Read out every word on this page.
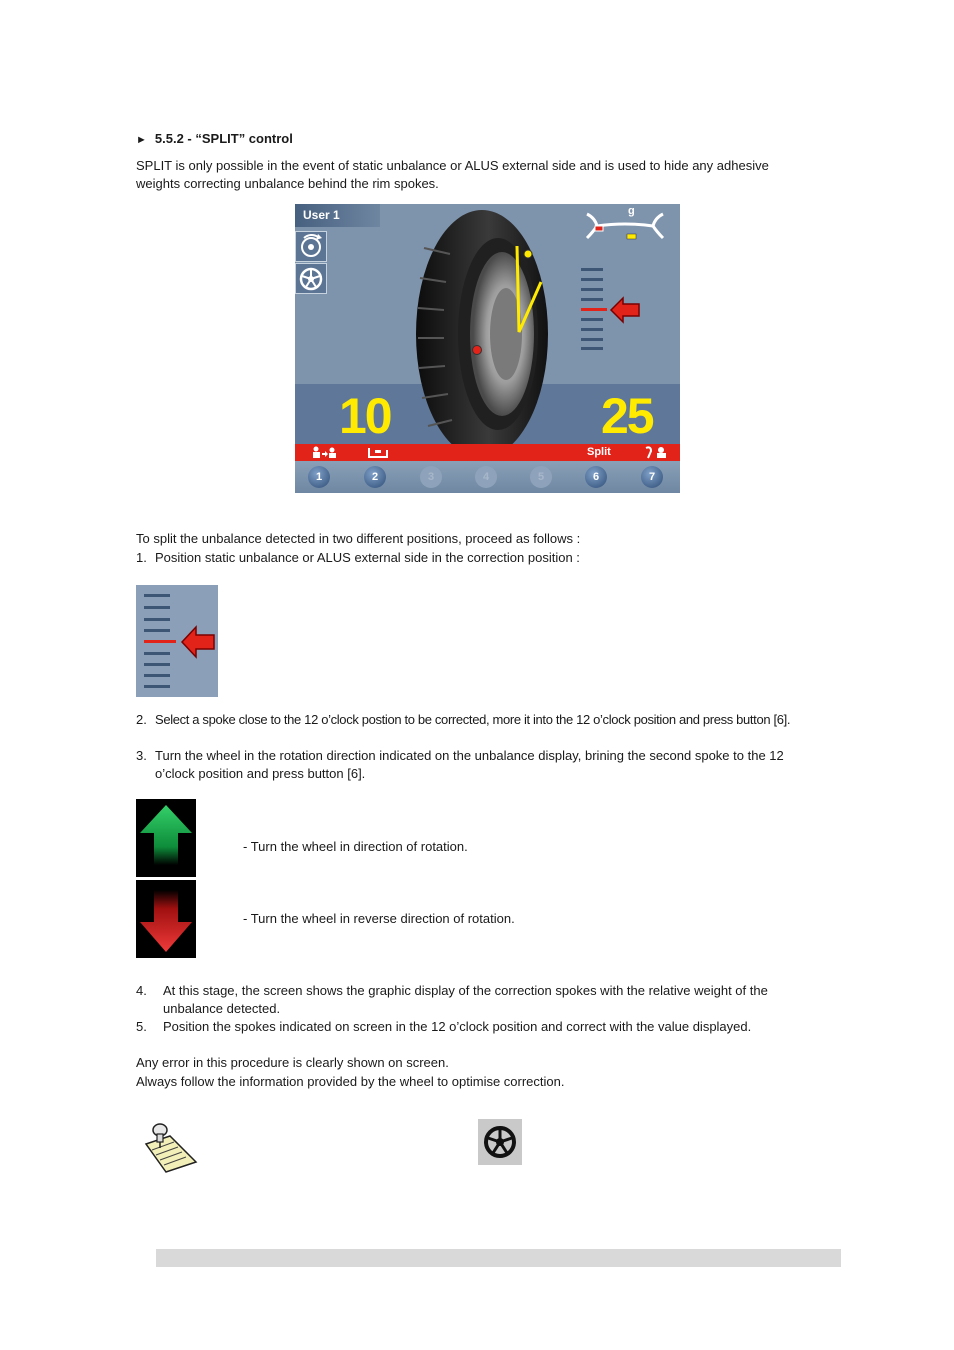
► 5.5.2 - “SPLIT” control
SPLIT is only possible in the event of static unbalance or ALUS external side and is used to hide any adhesive weights correcting unbalance behind the rim spokes.
User 1	g
10	25
Split
1	2	3	4	5	6	7
To split the unbalance detected in two different positions, proceed as follows :
1. Position static unbalance or ALUS external side in the correction position :
2. Select a spoke close to the 12 o’clock postion to be corrected, more it into the 12 o’clock position and press button [6].
3. Turn the wheel in the rotation direction indicated on the unbalance display, brining the second spoke to the 12 o’clock position and press button [6].
- Turn the wheel in direction of rotation.
- Turn the wheel in reverse direction of rotation.
4. At this stage, the screen shows the graphic display of the correction spokes with the relative weight of the unbalance detected.
5. Position the spokes indicated on screen in the 12 o’clock position and correct with the value displayed.
Any error in this procedure is clearly shown on screen.
Always follow the information provided by the wheel to optimise correction.
